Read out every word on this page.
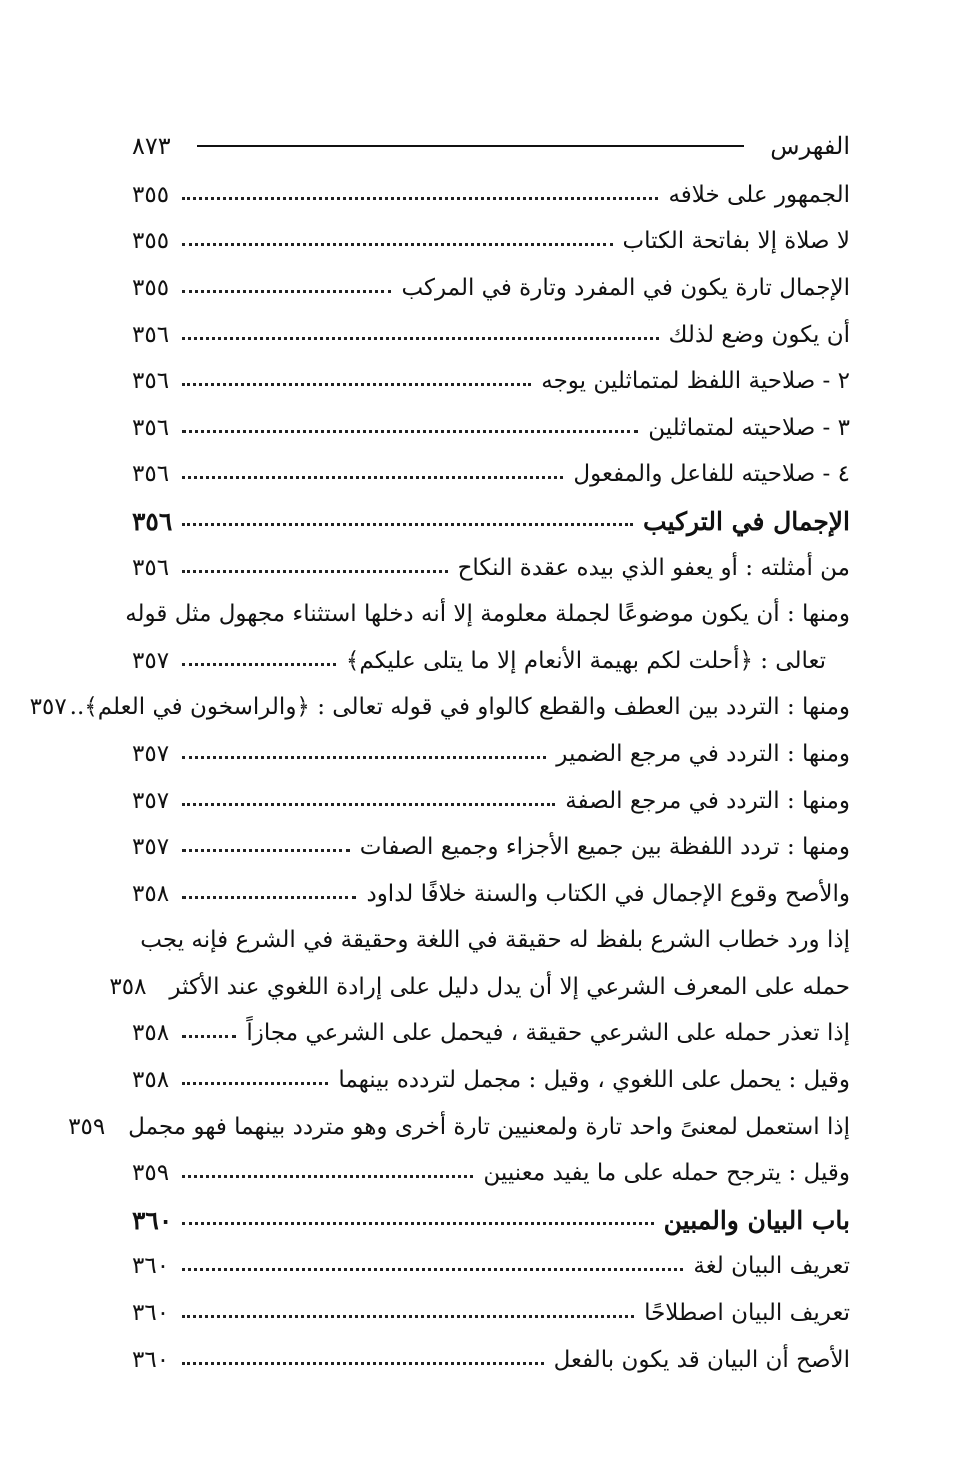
الفهرس
٨٧٣
الجمهور على خلافه
٣٥٥
لا صلاة إلا بفاتحة الكتاب
٣٥٥
الإجمال تارة يكون في المفرد وتارة في المركب
٣٥٥
أن يكون وضع لذلك
٣٥٦
٢ - صلاحية اللفظ لمتماثلين يوجه
٣٥٦
٣ - صلاحيته لمتماثلين
٣٥٦
٤ - صلاحيته للفاعل والمفعول
٣٥٦
الإجمال في التركيب
٣٥٦
من أمثلته : أو يعفو الذي بيده عقدة النكاح
٣٥٦
ومنها : أن يكون موضوعًا لجملة معلومة إلا أنه دخلها استثناء مجهول مثل قوله
تعالى : ﴿أحلت لكم بهيمة الأنعام إلا ما يتلى عليكم﴾
٣٥٧
ومنها : التردد بين العطف والقطع كالواو في قوله تعالى : ﴿والراسخون في العلم﴾..
٣٥٧
ومنها : التردد في مرجع الضمير
٣٥٧
ومنها : التردد في مرجع الصفة
٣٥٧
ومنها : تردد اللفظة بين جميع الأجزاء وجميع الصفات
٣٥٧
والأصح وقوع الإجمال في الكتاب والسنة خلافًا لداود
٣٥٨
إذا ورد خطاب الشرع بلفظ له حقيقة في اللغة وحقيقة في الشرع فإنه يجب
حمله على المعرف الشرعي إلا أن يدل دليل على إرادة اللغوي عند الأكثر
٣٥٨
إذا تعذر حمله على الشرعي حقيقة ، فيحمل على الشرعي مجازاً
٣٥٨
وقيل : يحمل على اللغوي ، وقيل : مجمل لتردده بينهما
٣٥٨
إذا استعمل لمعنىً واحد تارة ولمعنيين تارة أخرى وهو متردد بينهما فهو مجمل
٣٥٩
وقيل : يترجح حمله على ما يفيد معنيين
٣٥٩
باب البيان والمبين
٣٦٠
تعريف البيان لغة
٣٦٠
تعريف البيان اصطلاحًا
٣٦٠
الأصح أن البيان قد يكون بالفعل
٣٦٠
